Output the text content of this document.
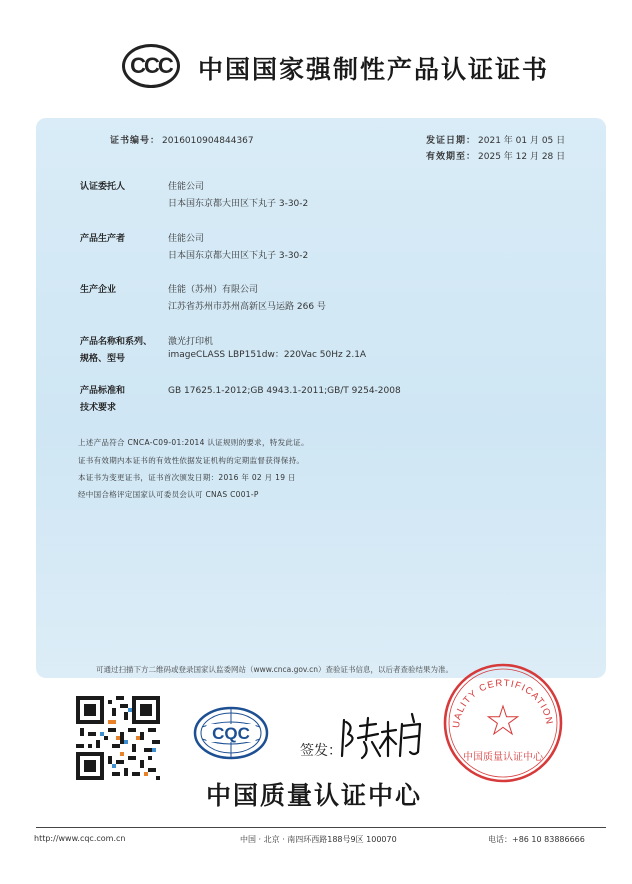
CCC 中国国家强制性产品认证证书
证书编号： 2016010904844367	发证日期： 2021 年 01 月 05 日
有效期至： 2025 年 12 月 28 日
认证委托人	佳能公司
日本国东京都大田区下丸子 3-30-2
产品生产者	佳能公司
日本国东京都大田区下丸子 3-30-2
生产企业	佳能（苏州）有限公司
江苏省苏州市苏州高新区马运路 266 号
产品名称和系列、
规格、型号
激光打印机
imageCLASS LBP151dw：220Vac 50Hz 2.1A
产品标准和
技术要求
GB 17625.1-2012;GB 4943.1-2011;GB/T 9254-2008
上述产品符合 CNCA-C09-01:2014 认证规则的要求，特发此证。
证书有效期内本证书的有效性依据发证机构的定期监督获得保持。
本证书为变更证书，证书首次颁发日期：2016 年 02 月 19 日
经中国合格评定国家认可委员会认可 CNAS C001-P
可通过扫描下方二维码或登录国家认监委网站（www.cnca.gov.cn）查验证书信息，以后者查验结果为准。
CQC
签发：
UALITY CERTIFICATION
中国质量认证中心
中国质量认证中心
http://www.cqc.com.cn	中国 · 北京 · 南四环西路188号9区 100070	电话：+86 10 83886666
